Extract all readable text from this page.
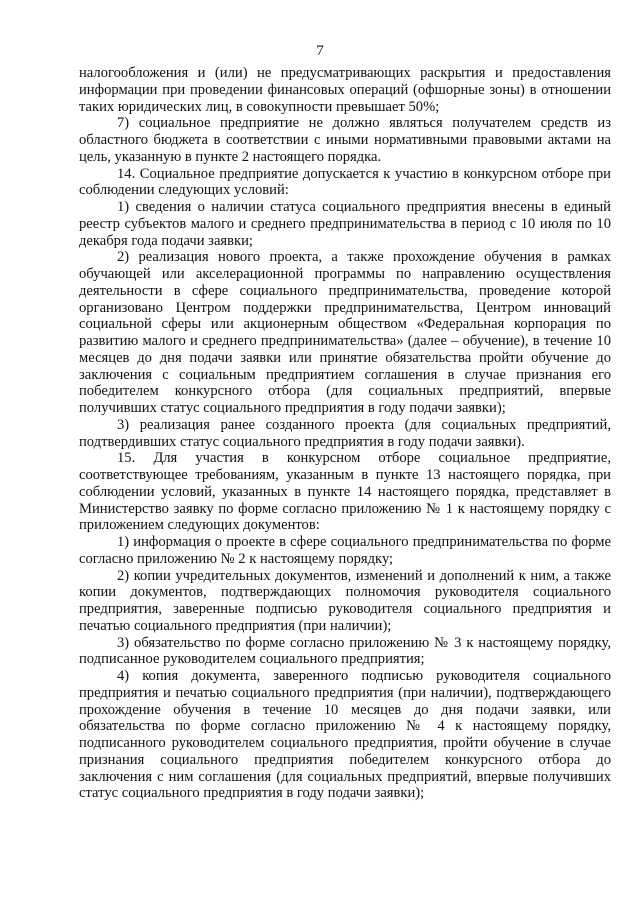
7

налогообложения и (или) не предусматривающих раскрытия и предоставления информации при проведении финансовых операций (офшорные зоны) в отношении таких юридических лиц, в совокупности превышает 50%;

7) социальное предприятие не должно являться получателем средств из областного бюджета в соответствии с иными нормативными правовыми актами на цель, указанную в пункте 2 настоящего порядка.

14. Социальное предприятие допускается к участию в конкурсном отборе при соблюдении следующих условий:

1) сведения о наличии статуса социального предприятия внесены в единый реестр субъектов малого и среднего предпринимательства в период с 10 июля по 10 декабря года подачи заявки;

2) реализация нового проекта, а также прохождение обучения в рамках обучающей или акселерационной программы по направлению осуществления деятельности в сфере социального предпринимательства, проведение которой организовано Центром поддержки предпринимательства, Центром инноваций социальной сферы или акционерным обществом «Федеральная корпорация по развитию малого и среднего предпринимательства» (далее – обучение), в течение 10 месяцев до дня подачи заявки или принятие обязательства пройти обучение до заключения с социальным предприятием соглашения в случае признания его победителем конкурсного отбора (для социальных предприятий, впервые получивших статус социального предприятия в году подачи заявки);

3) реализация ранее созданного проекта (для социальных предприятий, подтвердивших статус социального предприятия в году подачи заявки).

15. Для участия в конкурсном отборе социальное предприятие, соответствующее требованиям, указанным в пункте 13 настоящего порядка, при соблюдении условий, указанных в пункте 14 настоящего порядка, представляет в Министерство заявку по форме согласно приложению № 1 к настоящему порядку с приложением следующих документов:

1) информация о проекте в сфере социального предпринимательства по форме согласно приложению № 2 к настоящему порядку;

2) копии учредительных документов, изменений и дополнений к ним, а также копии документов, подтверждающих полномочия руководителя социального предприятия, заверенные подписью руководителя социального предприятия и печатью социального предприятия (при наличии);

3) обязательство по форме согласно приложению № 3 к настоящему порядку, подписанное руководителем социального предприятия;

4) копия документа, заверенного подписью руководителя социального предприятия и печатью социального предприятия (при наличии), подтверждающего прохождение обучения в течение 10 месяцев до дня подачи заявки, или обязательства по форме согласно приложению № 4 к настоящему порядку, подписанного руководителем социального предприятия, пройти обучение в случае признания социального предприятия победителем конкурсного отбора до заключения с ним соглашения (для социальных предприятий, впервые получивших статус социального предприятия в году подачи заявки);
